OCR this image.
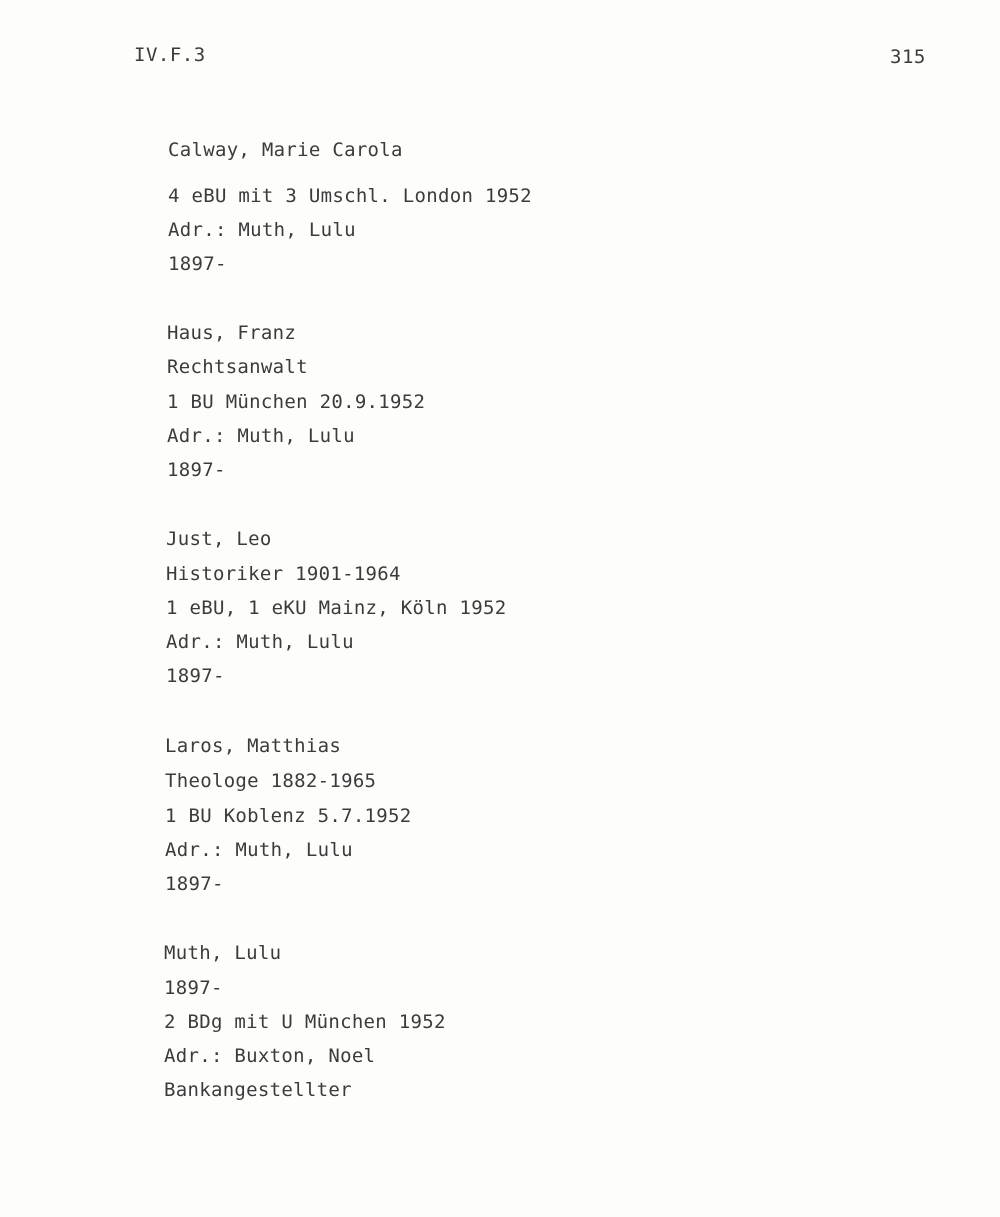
IV.F.3	315
Calway, Marie Carola
4 eBU mit 3 Umschl. London 1952
Adr.: Muth, Lulu
1897-
Haus, Franz
Rechtsanwalt
1 BU München 20.9.1952
Adr.: Muth, Lulu
1897-
Just, Leo
Historiker 1901-1964
1 eBU, 1 eKU Mainz, Köln 1952
Adr.: Muth, Lulu
1897-
Laros, Matthias
Theologe 1882-1965
1 BU Koblenz 5.7.1952
Adr.: Muth, Lulu
1897-
Muth, Lulu
1897-
2 BDg mit U München 1952
Adr.: Buxton, Noel
Bankangestellter
